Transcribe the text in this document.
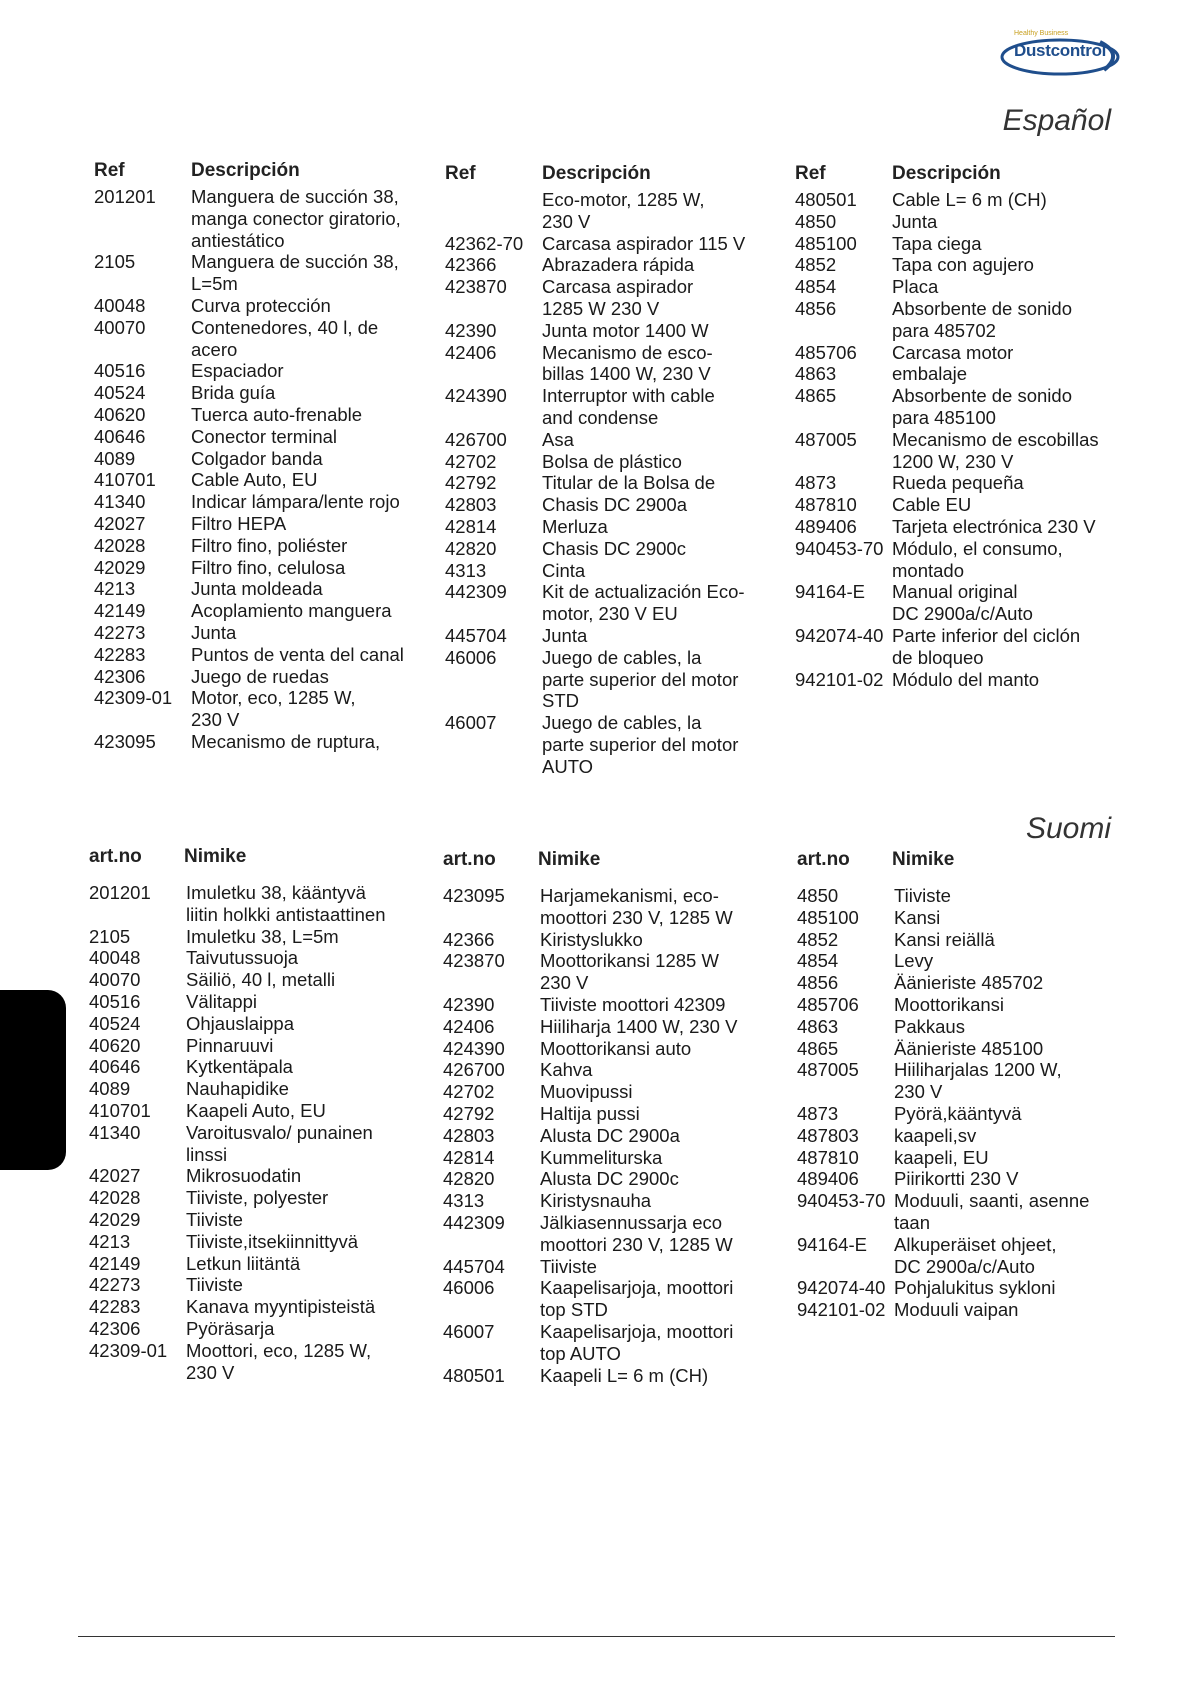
Healthy Business
Dustcontrol
Español
Suomi
Ref	Descripción
201201	Manguera de succión 38,
manga conector giratorio,
antiestático
2105	Manguera de succión 38,
L=5m
40048	Curva protección
40070	Contenedores, 40 l, de
acero
40516	Espaciador
40524	Brida guía
40620	Tuerca auto-frenable
40646	Conector terminal
4089	Colgador banda
410701	Cable Auto, EU
41340	Indicar lámpara/lente rojo
42027	Filtro HEPA
42028	Filtro fino, poliéster
42029	Filtro fino, celulosa
4213	Junta moldeada
42149	Acoplamiento manguera
42273	Junta
42283	Puntos de venta del canal
42306	Juego de ruedas
42309-01	Motor, eco, 1285 W,
230 V
423095	Mecanismo de ruptura,
Ref	Descripción
Eco-motor, 1285 W,
230 V
42362-70	Carcasa aspirador 115 V
42366	Abrazadera rápida
423870	Carcasa aspirador
1285 W 230 V
42390	Junta motor 1400 W
42406	Mecanismo de esco-
billas 1400 W, 230 V
424390	Interruptor with cable
and condense
426700	Asa
42702	Bolsa de plástico
42792	Titular de la Bolsa de
42803	Chasis DC 2900a
42814	Merluza
42820	Chasis DC 2900c
4313	Cinta
442309	Kit de actualización Eco-
motor, 230 V EU
445704	Junta
46006	Juego de cables, la
parte superior del motor
STD
46007	Juego de cables, la
parte superior del motor
AUTO
Ref	Descripción
480501	Cable L= 6 m (CH)
4850	Junta
485100	Tapa ciega
4852	Tapa con agujero
4854	Placa
4856	Absorbente de sonido
para 485702
485706	Carcasa motor
4863	embalaje
4865	Absorbente de sonido
para 485100
487005	Mecanismo de escobillas
1200 W, 230 V
4873	Rueda pequeña
487810	Cable EU
489406	Tarjeta electrónica 230 V
940453-70 Módulo, el consumo,
montado
94164-E	Manual original
DC 2900a/c/Auto
942074-40 Parte inferior del ciclón
de bloqueo
942101-02 Módulo del manto
art.no Nimike
201201	Imuletku 38, kääntyvä
liitin holkki antistaattinen
2105	Imuletku 38, L=5m
40048	Taivutussuoja
40070	Säiliö, 40 l, metalli
40516	Välitappi
40524	Ohjauslaippa
40620	Pinnaruuvi
40646	Kytkentäpala
4089	Nauhapidike
410701	Kaapeli Auto, EU
41340	Varoitusvalo/ punainen
linssi
42027	Mikrosuodatin
42028	Tiiviste, polyester
42029	Tiiviste
4213	Tiiviste,itsekiinnittyvä
42149	Letkun liitäntä
42273	Tiiviste
42283	Kanava myyntipisteistä
42306	Pyöräsarja
42309-01	Moottori, eco, 1285 W,
230 V
art.no Nimike
423095	Harjamekanismi, eco-
moottori 230 V, 1285 W
42366	Kiristyslukko
423870	Moottorikansi 1285 W
230 V
42390	Tiiviste moottori 42309
42406	Hiiliharja 1400 W, 230 V
424390	Moottorikansi auto
426700	Kahva
42702	Muovipussi
42792	Haltija pussi
42803	Alusta DC 2900a
42814	Kummeliturska
42820	Alusta DC 2900c
4313	Kiristysnauha
442309	Jälkiasennussarja eco
moottori 230 V, 1285 W
445704	Tiiviste
46006	Kaapelisarjoja, moottori
top STD
46007	Kaapelisarjoja, moottori
top AUTO
480501	Kaapeli L= 6 m (CH)
art.no Nimike
4850	Tiiviste
485100	Kansi
4852	Kansi reiällä
4854	Levy
4856	Äänieriste 485702
485706	Moottorikansi
4863	Pakkaus
4865	Äänieriste 485100
487005	Hiiliharjalas 1200 W,
230 V
4873	Pyörä,kääntyvä
487803	kaapeli,sv
487810	kaapeli, EU
489406	Piirikortti 230 V
940453-70 Moduuli, saanti, asenne
taan
94164-E	Alkuperäiset ohjeet,
DC 2900a/c/Auto
942074-40 Pohjalukitus sykloni
942101-02 Moduuli vaipan
